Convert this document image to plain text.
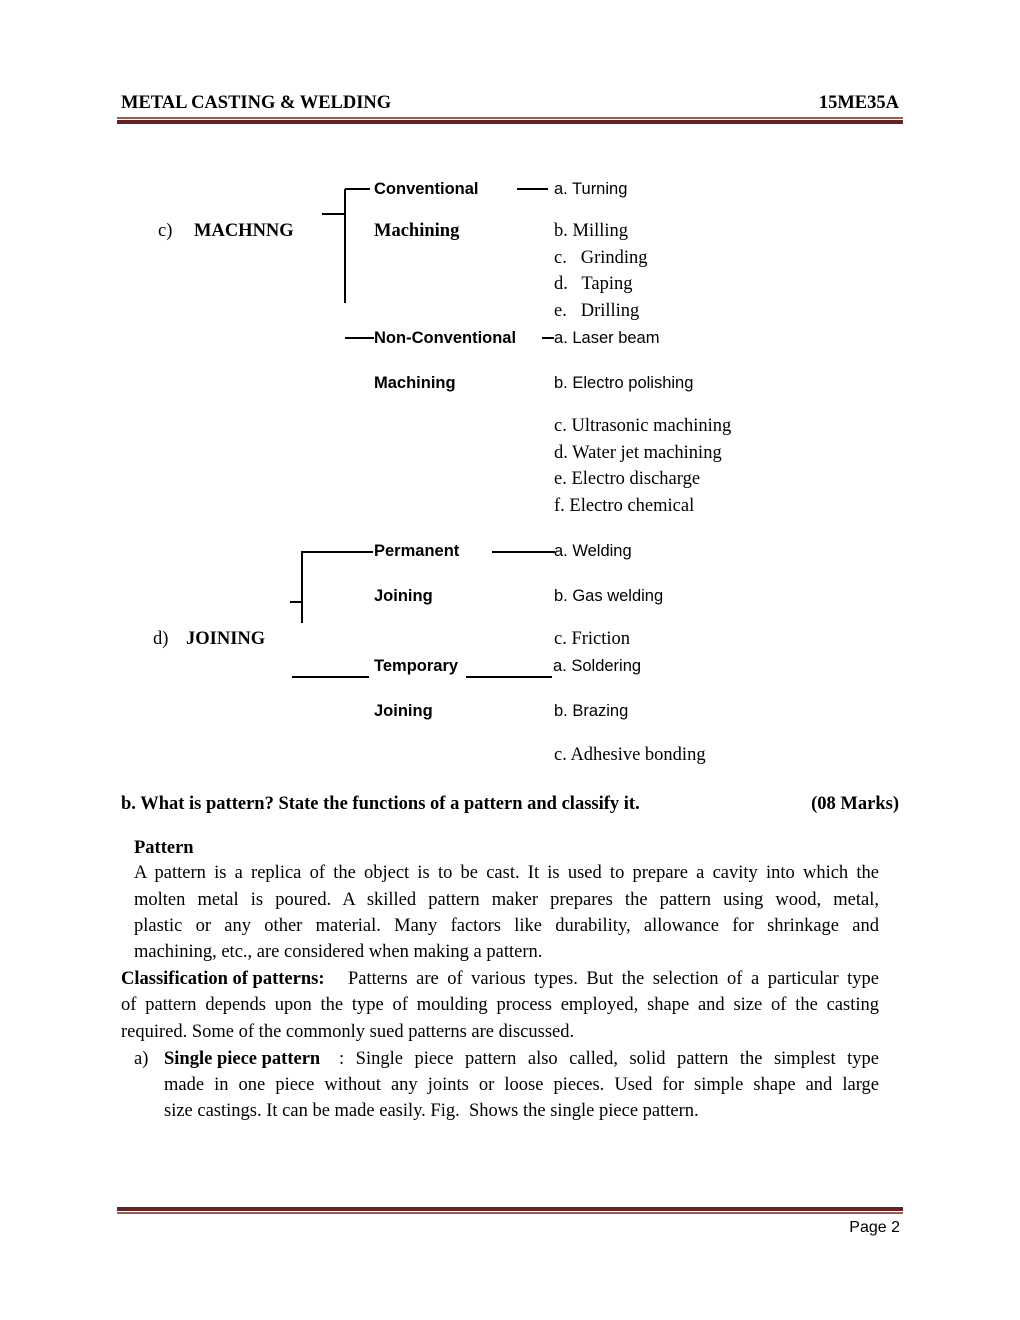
METAL CASTING & WELDING	15ME35A
c) MACHNNG
Conventional	a. Turning
Machining	b. Milling
c.   Grinding
d.   Taping
e.   Drilling
Non-Conventional a. Laser beam
Machining	b. Electro polishing
c. Ultrasonic machining
d. Water jet machining
e. Electro discharge
f. Electro chemical
Permanent	a. Welding
Joining	b. Gas welding
d) JOINING	c. Friction
Temporary	a. Soldering
Joining	b. Brazing
c. Adhesive bonding
b. What is pattern? State the functions of a pattern and classify it.	(08 Marks)
Pattern
A pattern is a replica of the object is to be cast. It is used to prepare a cavity into which the
molten metal is poured. A skilled pattern maker prepares the pattern using wood, metal,
plastic or any other material. Many factors like durability, allowance for shrinkage and
machining, etc., are considered when making a pattern.
Classification of patterns: Patterns are of various types. But the selection of a particular type
of pattern depends upon the type of moulding process employed, shape and size of the casting
required. Some of the commonly sued patterns are discussed.
a) Single piece pattern : Single piece pattern also called, solid pattern the simplest type
made in one piece without any joints or loose pieces. Used for simple shape and large
size castings. It can be made easily. Fig.  Shows the single piece pattern.
Page 2
